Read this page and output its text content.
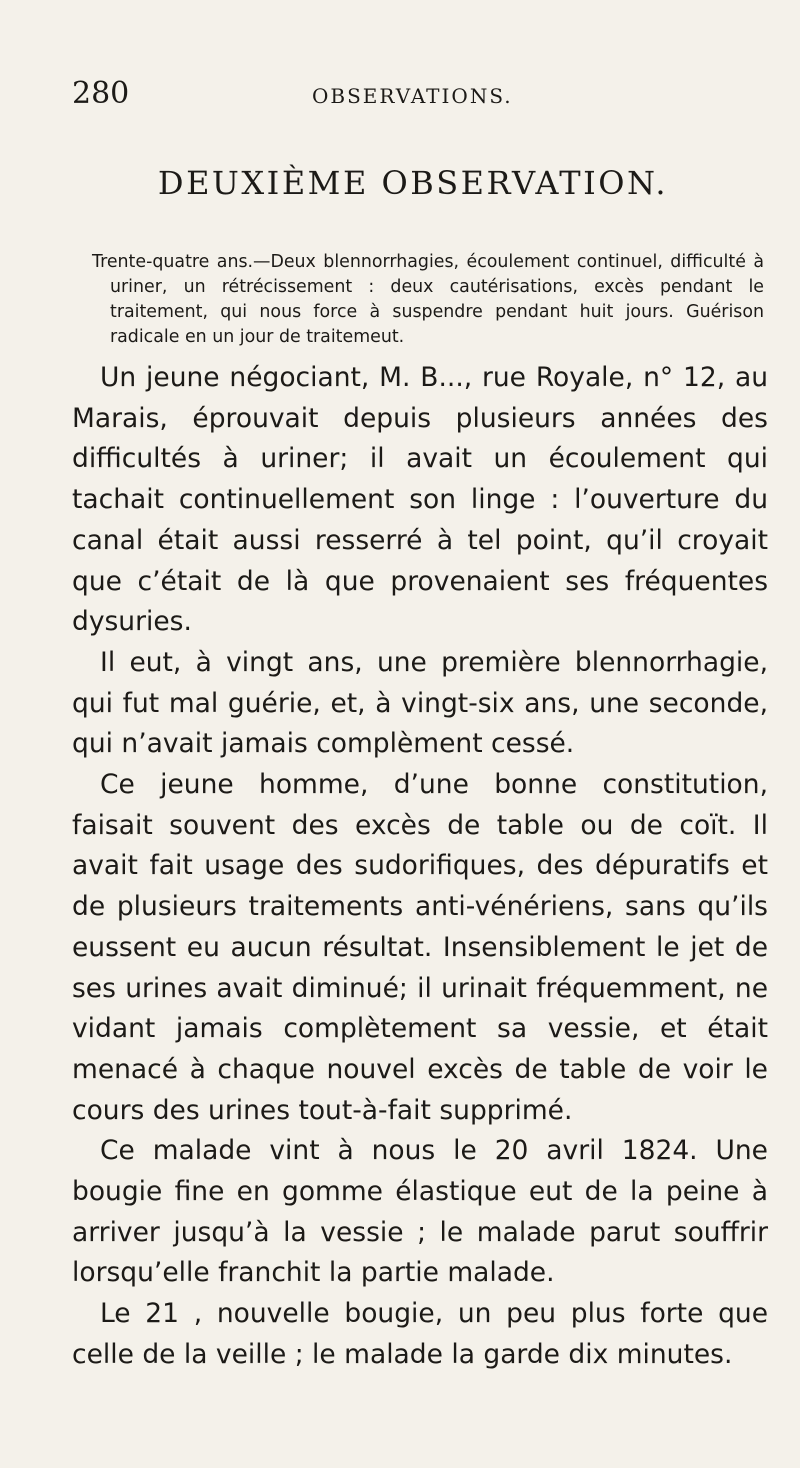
280	OBSERVATIONS.
DEUXIÈME OBSERVATION.
Trente-quatre ans.—Deux blennorrhagies, écoulement continuel, difficulté à uriner, un rétrécissement : deux cautérisations, excès pendant le traitement, qui nous force à suspendre pendant huit jours. Guérison radicale en un jour de traitemeut.

Un jeune négociant, M. B..., rue Royale, n° 12, au Marais, éprouvait depuis plusieurs années des difficultés à uriner; il avait un écoulement qui tachait continuellement son linge : l’ouverture du canal était aussi resserré à tel point, qu’il croyait que c’était de là que provenaient ses fréquentes dysuries.

Il eut, à vingt ans, une première blennorrhagie, qui fut mal guérie, et, à vingt-six ans, une seconde, qui n’avait jamais complèment cessé.

Ce jeune homme, d’une bonne constitution, faisait souvent des excès de table ou de coït. Il avait fait usage des sudorifiques, des dépuratifs et de plusieurs traitements anti-vénériens, sans qu’ils eussent eu aucun résultat. Insensiblement le jet de ses urines avait diminué; il urinait fréquemment, ne vidant jamais complètement sa vessie, et était menacé à chaque nouvel excès de table de voir le cours des urines tout-à-fait supprimé.

Ce malade vint à nous le 20 avril 1824. Une bougie fine en gomme élastique eut de la peine à arriver jusqu’à la vessie ; le malade parut souffrir lorsqu’elle franchit la partie malade.

Le 21 , nouvelle bougie, un peu plus forte que celle de la veille ; le malade la garde dix minutes.
